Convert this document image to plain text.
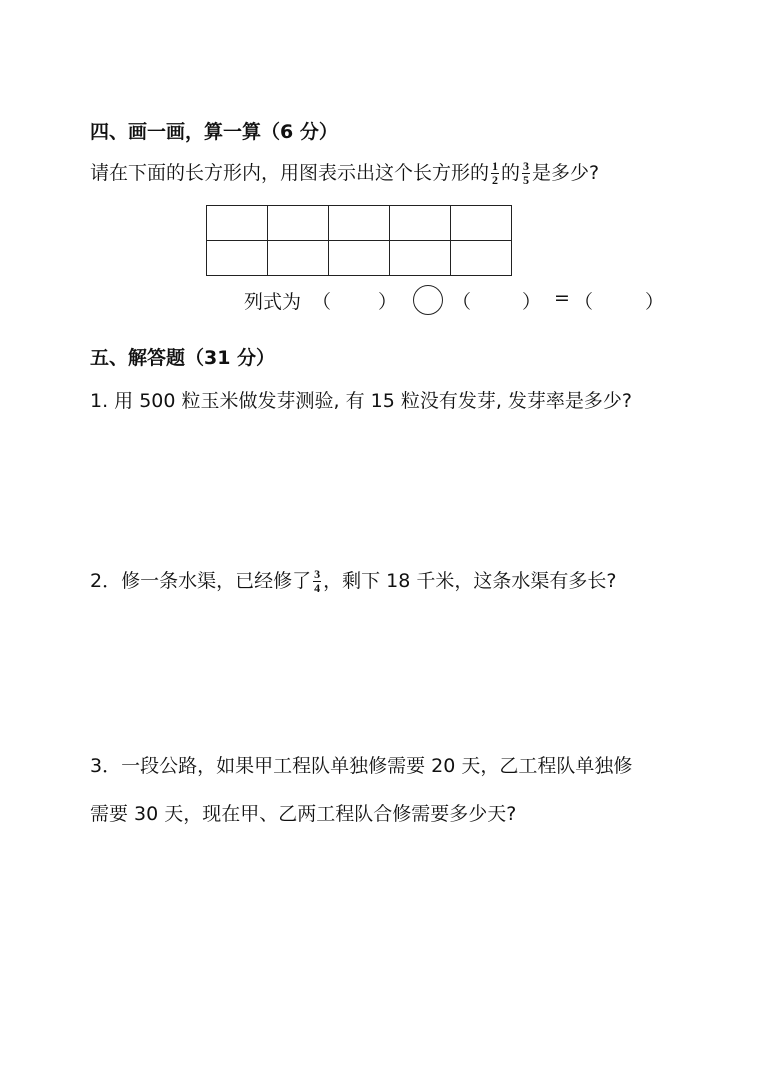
四、画一画，算一算（6 分）
请在下面的长方形内，用图表示出这个长方形的 $\frac{1}{2}$ 的 $\frac{3}{5}$ 是多少?

列式为 （ ）	（	） = （	）
五、解答题（31 分）
1. 用 500 粒玉米做发芽测验, 有 15 粒没有发芽, 发芽率是多少?
2．修一条水渠，已经修了 $\frac{3}{4}$ ，剩下 18 千米，这条水渠有多长?
3．一段公路，如果甲工程队单独修需要 20 天，乙工程队单独修
需要 30 天，现在甲、乙两工程队合修需要多少天?
